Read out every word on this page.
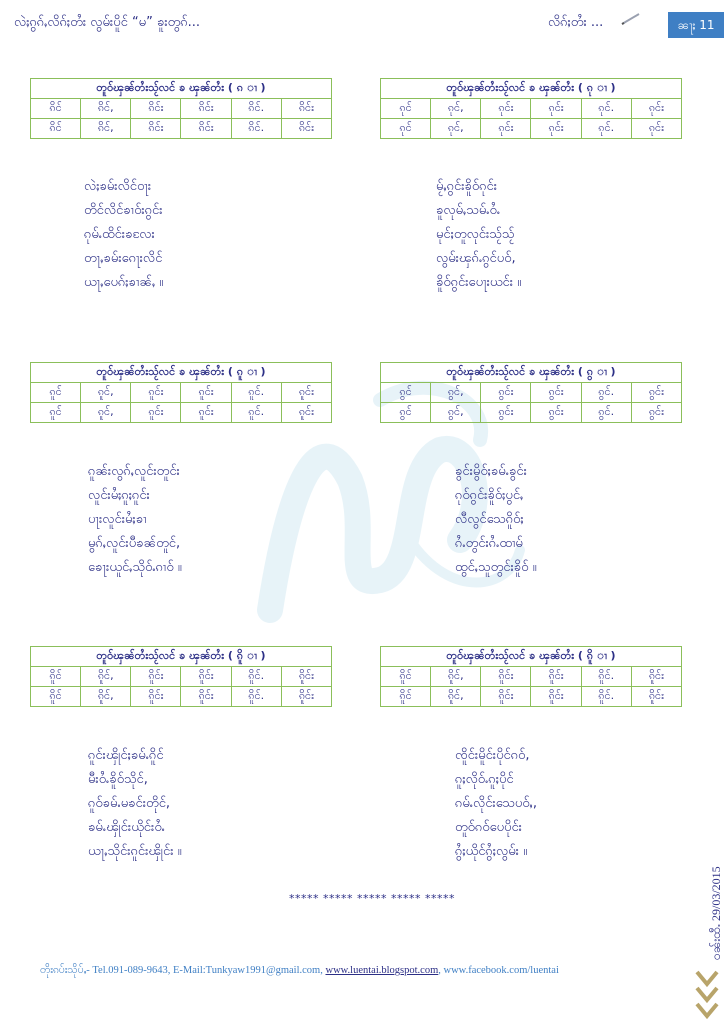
လဲႈၵွၵ်ႇလိၵ်ႈတႆး လွမ်းပိူင် “မ” ၶူးတွၵ်...	လိၵ်ႈတႆး ...	ၼႃႈ 11
တူဝ်ၾၼ်တႆးသႂ်လင် ၶ ၾၼ်တႆး ( ၵ ၢ )					
ၵိင်	ၵိင်,	ၵိင်း	ၵိင်း	ၵိင်.	ၵိင်း
ၵိင်	ၵိင်,	ၵိင်း	ၵိင်း	ၵိင်.	ၵိင်း
တူဝ်ၾၼ်တႆးသႂ်လင် ၶ ၾၼ်တႆး ( ၵု ၢ )					
ၵုင်	ၵုင်,	ၵုင်း	ၵုင်း	ၵုင်.	ၵုင်း
ၵုင်	ၵုင်,	ၵုင်း	ၵုင်း	ၵုင်.	ၵုင်း
တူဝ်ၾၼ်တႆးသႂ်လင် ၶ ၾၼ်တႆး ( ၵူ ၢ )					
ၵူင်	ၵူင်,	ၵူင်း	ၵူင်း	ၵူင်.	ၵူင်း
ၵူင်	ၵူင်,	ၵူင်း	ၵူင်း	ၵူင်.	ၵူင်း
တူဝ်ၾၼ်တႆးသႂ်လင် ၶ ၾၼ်တႆး ( ၵွ ၢ )					
ၵွင်	ၵွင်,	ၵွင်း	ၵွင်း	ၵွင်.	ၵွင်း
ၵွင်	ၵွင်,	ၵွင်း	ၵွင်း	ၵွင်.	ၵွင်း
တူဝ်ၾၼ်တႆးသႂ်လင် ၶ ၾၼ်တႆး ( ၵိူ ၢ )					
ၵိူင်	ၵိူင်,	ၵိူင်း	ၵိူင်း	ၵိူင်.	ၵိူင်း
ၵိူင်	ၵိူင်,	ၵိူင်း	ၵိူင်း	ၵိူင်.	ၵိူင်း
တူဝ်ၾၼ်တႆးသႂ်လင် ၶ ၾၼ်တႆး ( ၵိူ ၢ )					
ၵိူင်	ၵိူင်,	ၵိူင်း	ၵိူင်း	ၵိူင်.	ၵိူင်း
ၵိူင်	ၵိူင်,	ၵိူင်း	ၵိူင်း	ၵိူင်.	ၵိူင်း
လဲႈၶမ်းလိင်ဝႃး
တိင်လိင်ၶၢဝ်းၵွင်း
ၵုမ်ႉထိင်းၶလႄး
တႃႇၶမ်းၵေႃးလိင်
ယႃႇပေၵ်ႈၶၢၼ်ႇ ။
မႂ်ႇၵွင်းၶိူဝ်ၵုင်း
ၶူလုမ်ႇသမ်ႉဝႆႉ
မုင်ႈတူလုင်းသႂ်သႂ်
လွမ်းၾၵ်ႉၵွင်ပဝ်,
ၶိူဝ်ၵွင်းပေႃးယင်း ။
ၵူၼ်းလွၵ်ႇလူင်းတူင်း
လူင်းမႆႈၵူႈၵူင်း
ပႃးလူင်းမႆႈၶၢ
မွၵ်ႇလူင်းပီၶၼ်တူင်,
ၶေႃးယူင်ႇသိုဝ်ႉၵၢဝ် ။
ၶွင်းမွိဝ်ႈၶမ်ႉၶွင်း
ၵုဝ်ၵွင်းၶိူဝ်ႈပွင်ႇ
လီလွင်သေၵိူဝ်ႈ
ၵႆႉတွင်းၵႆႉထၢမ်
ထွင်ႇသူတွင်းၶိူဝ် ။
ၵူင်းၾိုင်ႈၶမ်ႉၵိူင်
မီးဝႆႉၶိူဝ်သိုင်,
ၵူဝ်ၶမ်ႉမၶင်းတိုင်,
ၶမ်ႉၾိုင်းယိုင်းဝႆႉ
ယႃႇသိုင်းၵူင်းၾိုင်း ။
ၸိူင်းမိူင်းပိုင်ၵဝ်,
ၵူႈလိုဝ်ႉၵူႈပိုင်
ၵမ်ႉလိုင်းသေပဝ်ႇ,
တူဝ်ၵဝ်ပေပိုင်း
ၵွႆႈယိုင်ၵွႆႈလွမ်း ။
***** ***** ***** ***** *****
တိုးၵပ်းသိုပ်ႇ- Tel.091-089-9643, E-Mail:Tunkyaw1991@gmail.com, www.luentai.blogspot.com, www.facebook.com/luentai
ဝၼ်းထီႉ 29/03/2015
